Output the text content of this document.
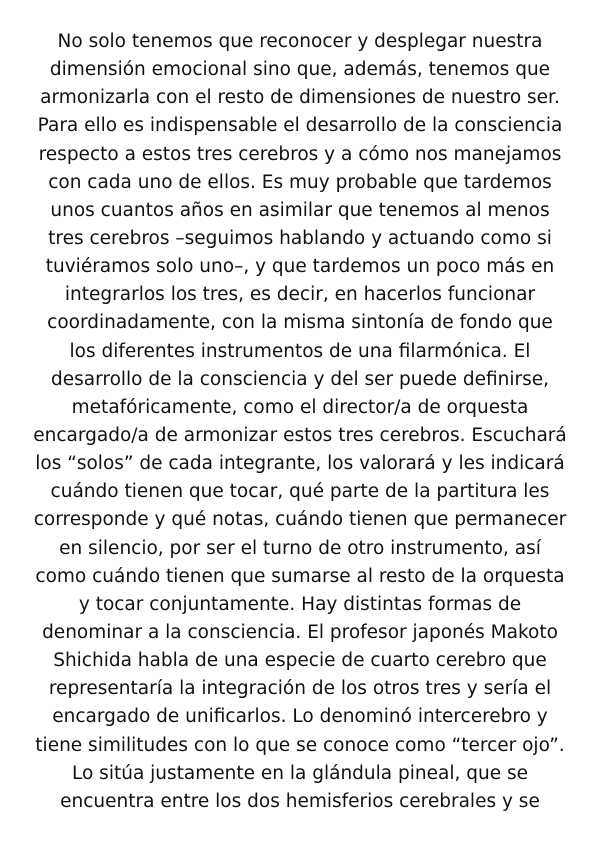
No solo tenemos que reconocer y desplegar nuestra
dimensión emocional sino que, además, tenemos que
armonizarla con el resto de dimensiones de nuestro ser.
Para ello es indispensable el desarrollo de la consciencia
respecto a estos tres cerebros y a cómo nos manejamos
con cada uno de ellos. Es muy probable que tardemos
unos cuantos años en asimilar que tenemos al menos
tres cerebros –seguimos hablando y actuando como si
tuviéramos solo uno–, y que tardemos un poco más en
integrarlos los tres, es decir, en hacerlos funcionar
coordinadamente, con la misma sintonía de fondo que
los diferentes instrumentos de una filarmónica. El
desarrollo de la consciencia y del ser puede definirse,
metafóricamente, como el director/a de orquesta
encargado/a de armonizar estos tres cerebros. Escuchará
los “solos” de cada integrante, los valorará y les indicará
cuándo tienen que tocar, qué parte de la partitura les
corresponde y qué notas, cuándo tienen que permanecer
en silencio, por ser el turno de otro instrumento, así
como cuándo tienen que sumarse al resto de la orquesta
y tocar conjuntamente. Hay distintas formas de
denominar a la consciencia. El profesor japonés Makoto
Shichida habla de una especie de cuarto cerebro que
representaría la integración de los otros tres y sería el
encargado de unificarlos. Lo denominó intercerebro y
tiene similitudes con lo que se conoce como “tercer ojo”.
Lo sitúa justamente en la glándula pineal, que se
encuentra entre los dos hemisferios cerebrales y se
